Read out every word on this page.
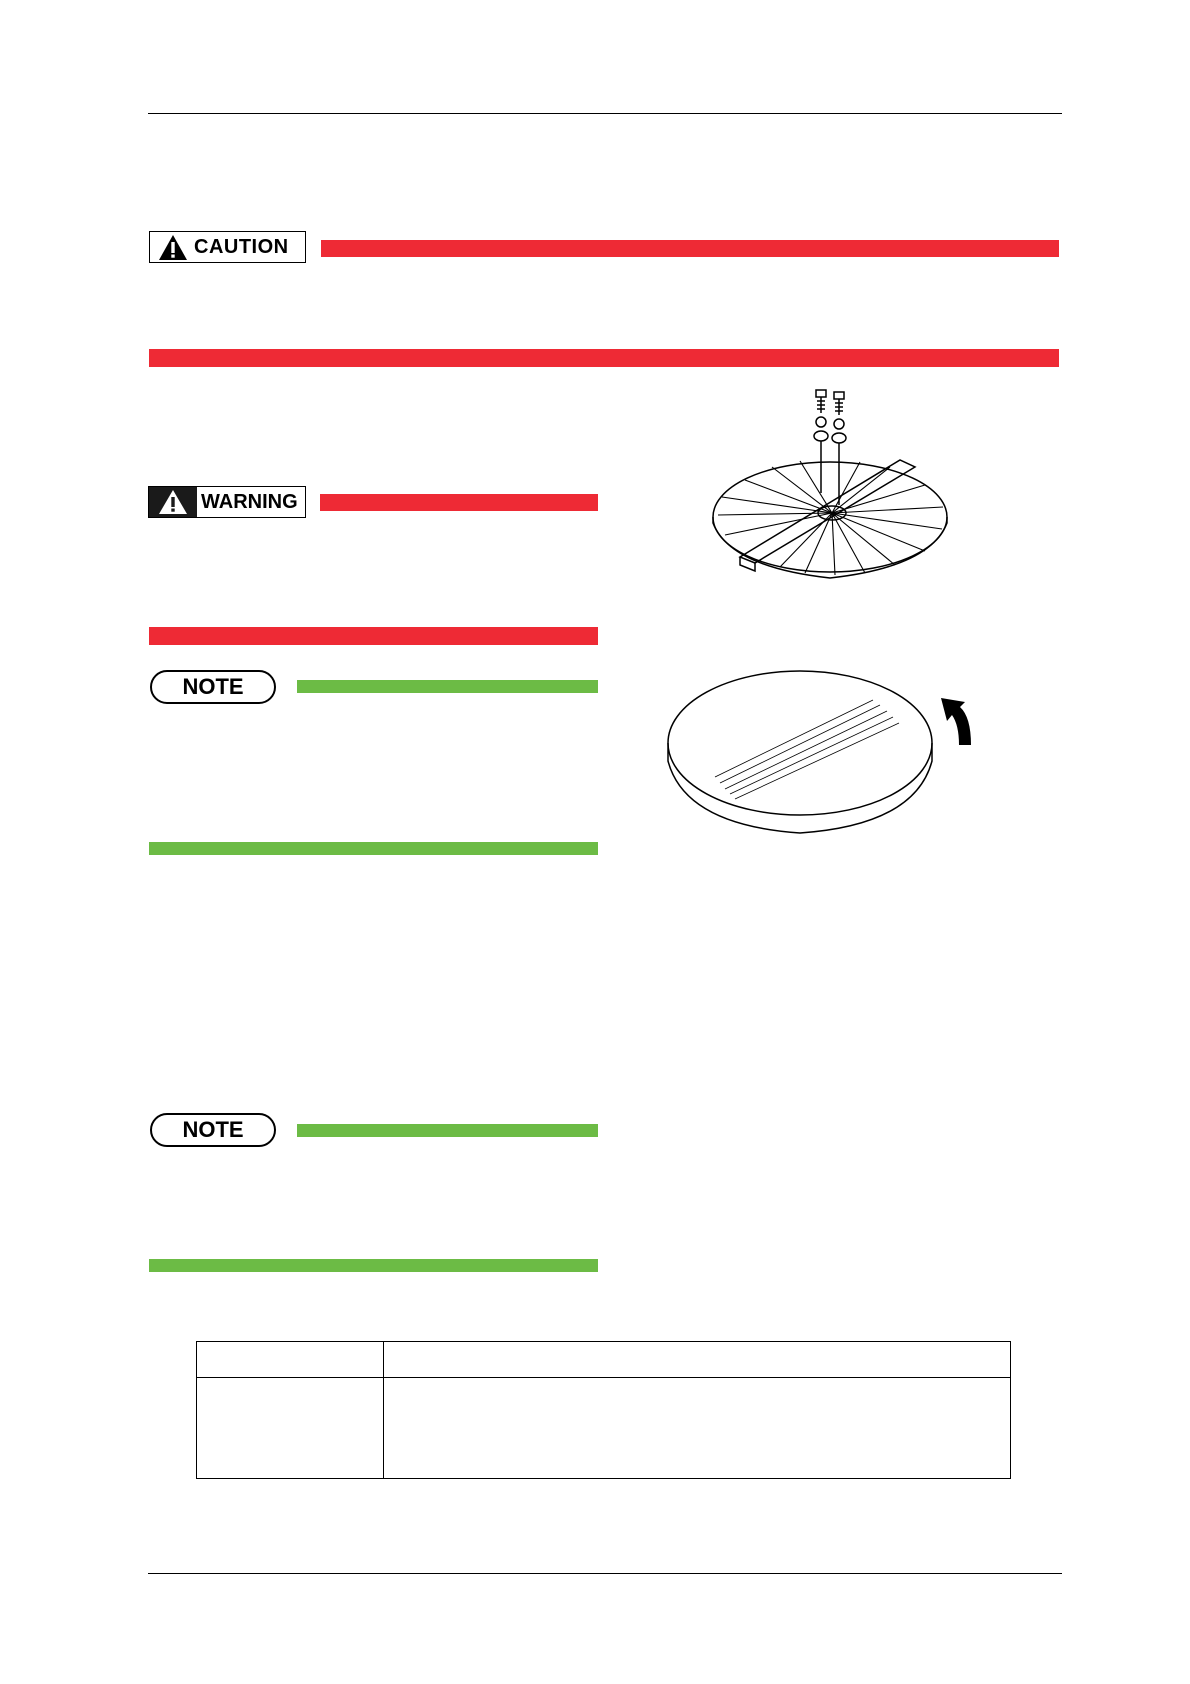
CAUTION
WARNING
NOTE
NOTE
